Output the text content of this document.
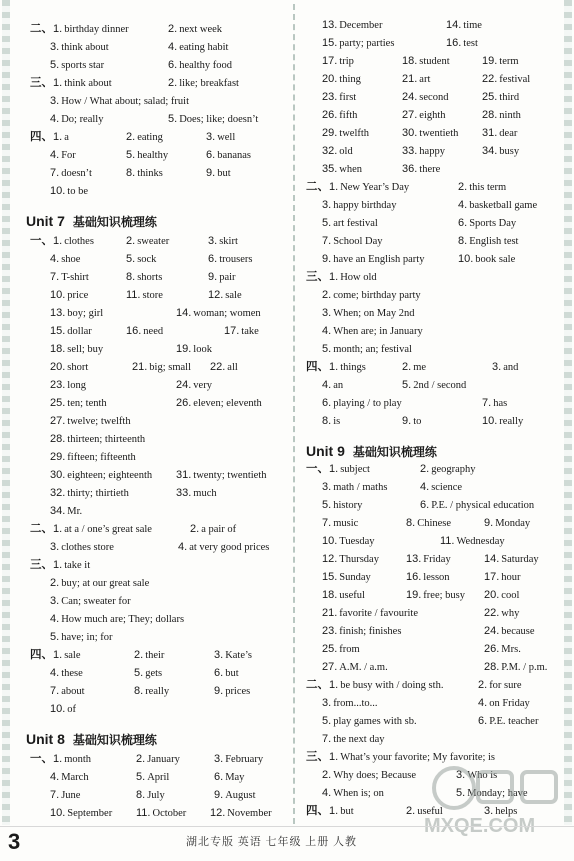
二、1. birthday dinner	2. next week
3. think about	4. eating habit
5. sports star	6. healthy food
三、1. think about	2. like; breakfast
3. How / What about; salad; fruit
4. Do; really	5. Does; like; doesn’t
四、1. a	2. eating	3. well
4. For	5. healthy	6. bananas
7. doesn’t	8. thinks	9. but
10. to be
Unit 7 基础知识梳理练
一、1. clothes	2. sweater	3. skirt
4. shoe	5. sock	6. trousers
7. T-shirt	8. shorts	9. pair
10. price	11. store	12. sale
13. boy; girl	14. woman; women
15. dollar	16. need	17. take
18. sell; buy	19. look
20. short	21. big; small 22. all
23. long	24. very
25. ten; tenth	26. eleven; eleventh
27. twelve; twelfth
28. thirteen; thirteenth
29. fifteen; fifteenth
30. eighteen; eighteenth 31. twenty; twentieth
32. thirty; thirtieth	33. much
34. Mr.
二、1. at a / one’s great sale	2. a pair of
3. clothes store	4. at very good prices
三、1. take it
2. buy; at our great sale
3. Can; sweater for
4. How much are; They; dollars
5. have; in; for
四、1. sale	2. their	3. Kate’s
4. these	5. gets	6. but
7. about	8. really	9. prices
10. of
Unit 8 基础知识梳理练
一、1. month	2. January	3. February
4. March	5. April	6. May
7. June	8. July	9. August
10. September 11. October 12. November
13. December	14. time
15. party; parties	16. test
17. trip	18. student	19. term
20. thing	21. art	22. festival
23. first	24. second	25. third
26. fifth	27. eighth	28. ninth
29. twelfth	30. twentieth 31. dear
32. old	33. happy	34. busy
35. when	36. there
二、1. New Year’s Day	2. this term
3. happy birthday	4. basketball game
5. art festival	6. Sports Day
7. School Day	8. English test
9. have an English party	10. book sale
三、1. How old
2. come; birthday party
3. When; on May 2nd
4. When are; in January
5. month; an; festival
四、1. things	2. me	3. and
4. an	5. 2nd / second
6. playing / to play	7. has
8. is	9. to	10. really
Unit 9 基础知识梳理练
一、1. subject	2. geography
3. math / maths	4. science
5. history	6. P.E. / physical education
7. music	8. Chinese	9. Monday
10. Tuesday	11. Wednesday
12. Thursday 13. Friday	14. Saturday
15. Sunday	16. lesson	17. hour
18. useful	19. free; busy 20. cool
21. favorite / favourite	22. why
23. finish; finishes	24. because
25. from	26. Mrs.
27. A.M. / a.m.	28. P.M. / p.m.
二、1. be busy with / doing sth.	2. for sure
3. from...to...	4. on Friday
5. play games with sb.	6. P.E. teacher
7. the next day
三、1. What’s your favorite; My favorite; is
2. Why does; Because	3. Who is
4. When is; on	5. Monday; have
四、1. but	2. useful	3. helps
MXQE.COM
3	湖北专版 英语 七年级 上册 人教
